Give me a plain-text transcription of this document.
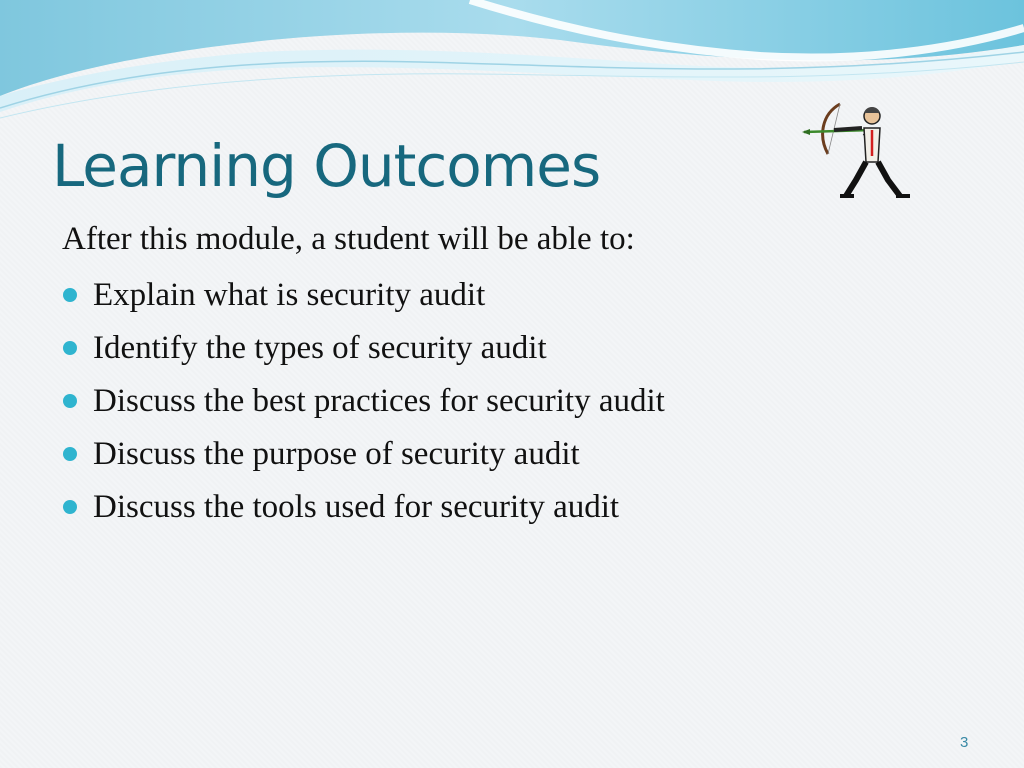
Learning Outcomes

After this module, a student will be able to:

Explain what is security audit
Identify the types of security audit
Discuss the best practices for security audit
Discuss the purpose of security audit
Discuss the tools used for security audit
3
